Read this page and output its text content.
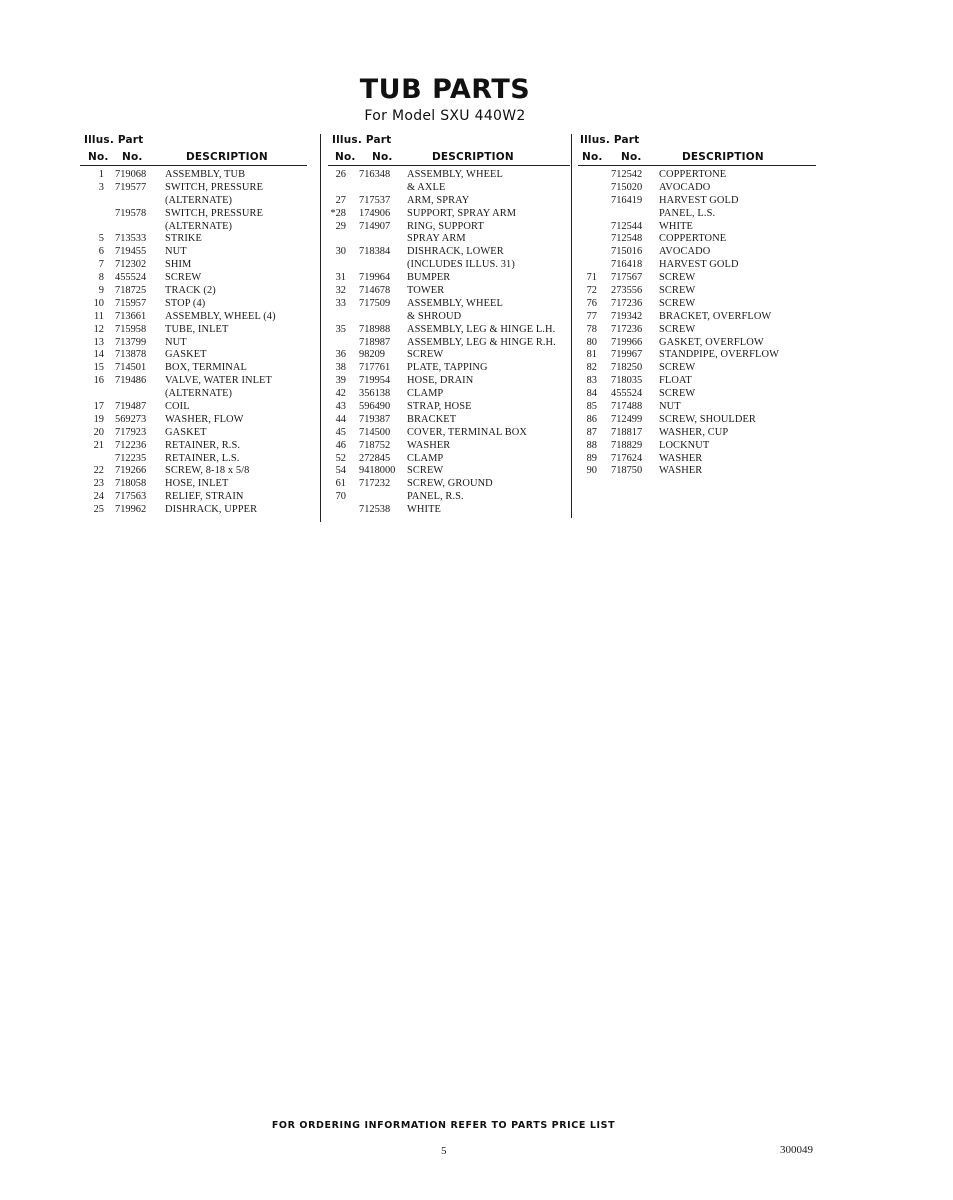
TUB PARTS
For Model SXU 440W2
Illus. Part
No. No.	DESCRIPTION
1 719068 ASSEMBLY, TUB
3 719577 SWITCH, PRESSURE
(ALTERNATE)
719578 SWITCH, PRESSURE
(ALTERNATE)
5 713533 STRIKE
6 719455 NUT
7 712302 SHIM
8 455524 SCREW
9 718725 TRACK (2)
10 715957 STOP (4)
11 713661 ASSEMBLY, WHEEL (4)
12 715958 TUBE, INLET
13 713799 NUT
14 713878 GASKET
15 714501 BOX, TERMINAL
16 719486 VALVE, WATER INLET
(ALTERNATE)
17 719487 COIL
19 569273 WASHER, FLOW
20 717923 GASKET
21 712236 RETAINER, R.S.
712235 RETAINER, L.S.
22 719266 SCREW, 8-18 x 5/8
23 718058 HOSE, INLET
24 717563 RELIEF, STRAIN
25 719962 DISHRACK, UPPER
Illus. Part
No. No.	DESCRIPTION
26 716348 ASSEMBLY, WHEEL
& AXLE
27 717537 ARM, SPRAY
*28 174906 SUPPORT, SPRAY ARM
29 714907 RING, SUPPORT
SPRAY ARM
30 718384 DISHRACK, LOWER
(INCLUDES ILLUS. 31)
31 719964 BUMPER
32 714678 TOWER
33 717509 ASSEMBLY, WHEEL
& SHROUD
35 718988 ASSEMBLY, LEG & HINGE L.H.
718987 ASSEMBLY, LEG & HINGE R.H.
36 98209 SCREW
38 717761 PLATE, TAPPING
39 719954 HOSE, DRAIN
42 356138 CLAMP
43 596490 STRAP, HOSE
44 719387 BRACKET
45 714500 COVER, TERMINAL BOX
46 718752 WASHER
52 272845 CLAMP
54 9418000 SCREW
61 717232 SCREW, GROUND
70	PANEL, R.S.
712538 WHITE
Illus. Part
No. No.	DESCRIPTION
712542 COPPERTONE
715020 AVOCADO
716419 HARVEST GOLD
PANEL, L.S.
712544 WHITE
712548 COPPERTONE
715016 AVOCADO
716418 HARVEST GOLD
71 717567 SCREW
72 273556 SCREW
76 717236 SCREW
77 719342 BRACKET, OVERFLOW
78 717236 SCREW
80 719966 GASKET, OVERFLOW
81 719967 STANDPIPE, OVERFLOW
82 718250 SCREW
83 718035 FLOAT
84 455524 SCREW
85 717488 NUT
86 712499 SCREW, SHOULDER
87 718817 WASHER, CUP
88 718829 LOCKNUT
89 717624 WASHER
90 718750 WASHER
FOR ORDERING INFORMATION REFER TO PARTS PRICE LIST
5	300049
